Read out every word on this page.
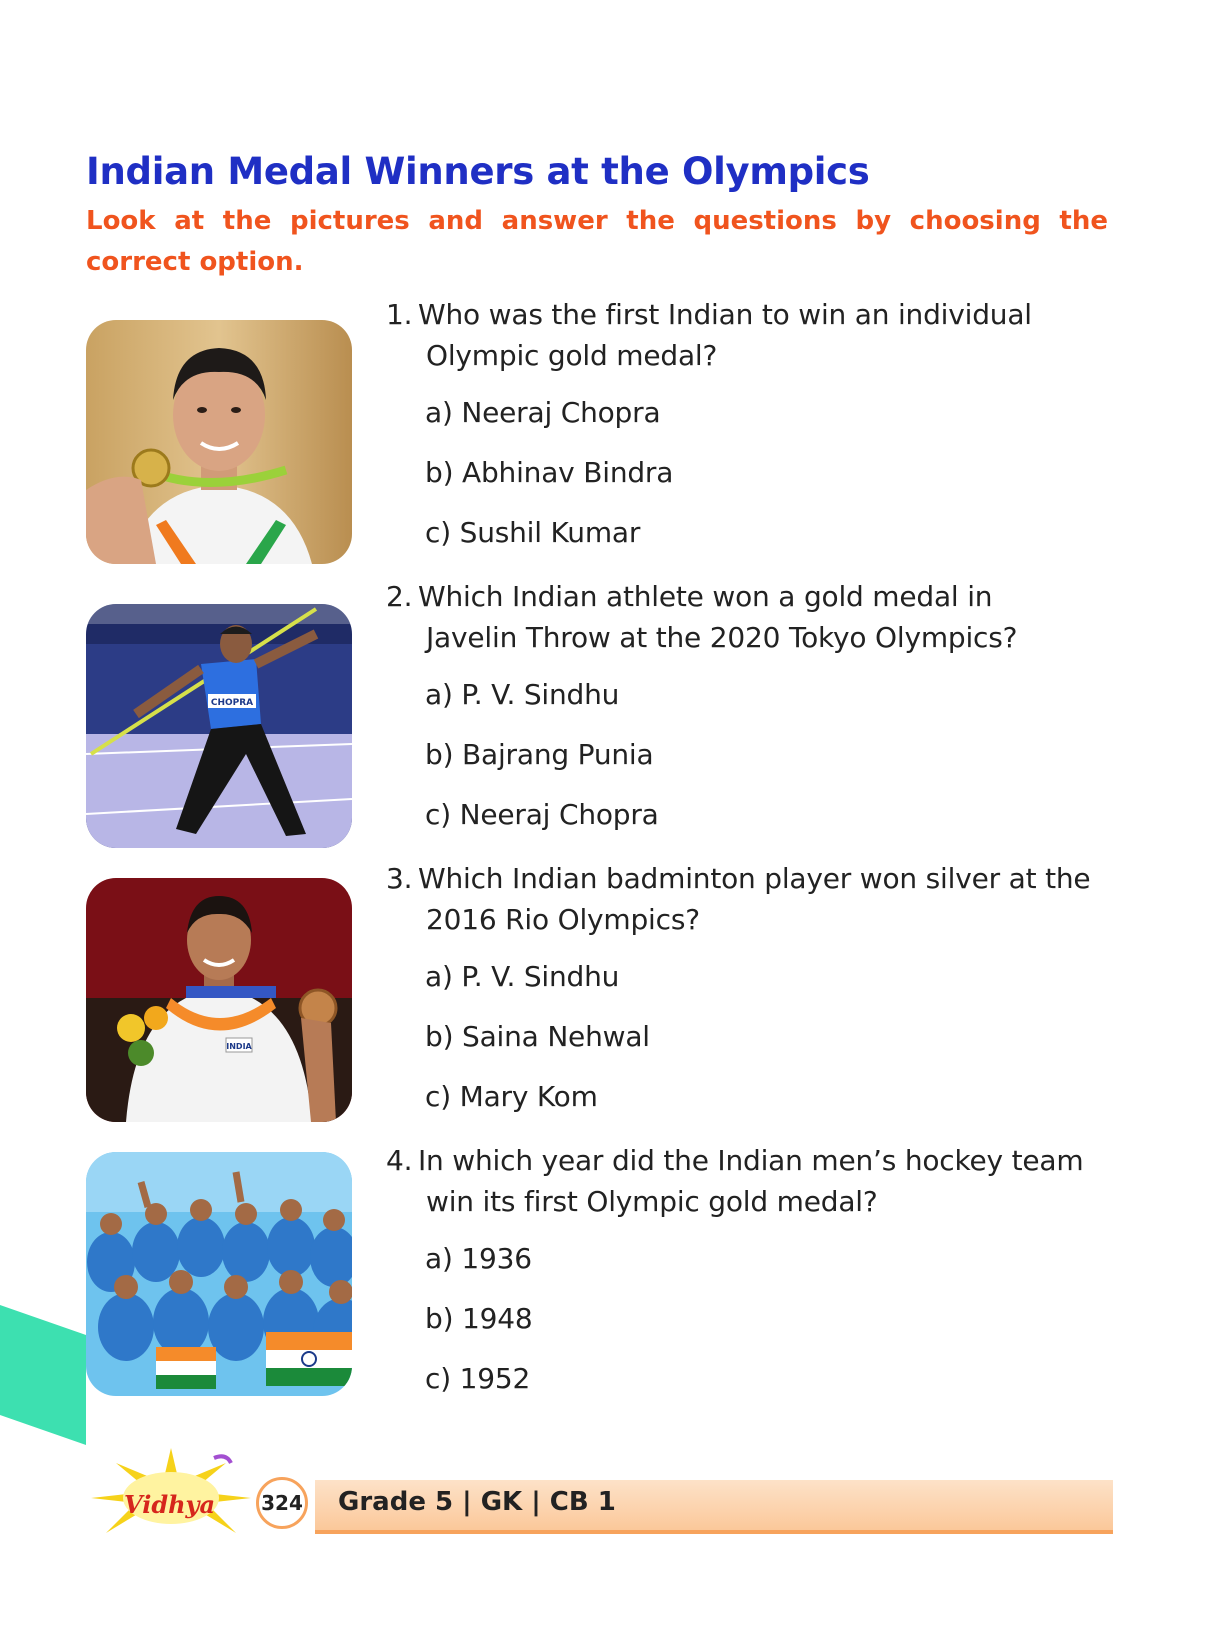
Indian Medal Winners at the Olympics
Look at the pictures and answer the questions by choosing the correct option.
CHOPRA
INDIA
1. Who was the first Indian to win an individual
Olympic gold medal?
a) Neeraj Chopra
b) Abhinav Bindra
c) Sushil Kumar
2. Which Indian athlete won a gold medal in
Javelin Throw at the 2020 Tokyo Olympics?
a) P. V. Sindhu
b) Bajrang Punia
c) Neeraj Chopra
3. Which Indian badminton player won silver at the
2016 Rio Olympics?
a) P. V. Sindhu
b) Saina Nehwal
c) Mary Kom
4. In which year did the Indian men’s hockey team
win its first Olympic gold medal?
a) 1936
b) 1948
c) 1952
Grade 5 | GK | CB 1
324
Vidhya
